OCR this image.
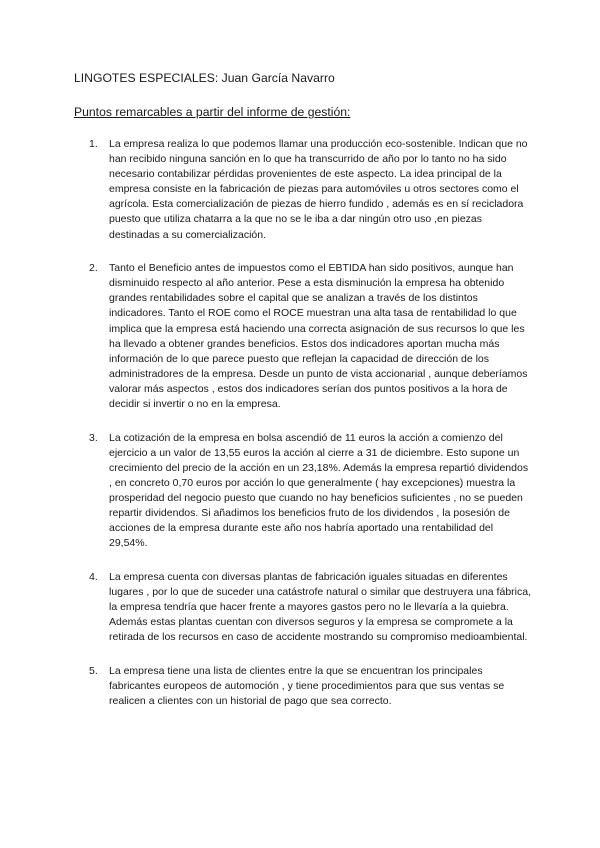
LINGOTES ESPECIALES: Juan García Navarro
Puntos remarcables a partir del informe de gestión:
1. La empresa realiza lo que podemos llamar una producción eco-sostenible. Indican que no han recibido ninguna sanción en lo que ha transcurrido de año por lo tanto no ha sido necesario contabilizar pérdidas provenientes de este aspecto. La idea principal de la empresa consiste en la fabricación de piezas para automóviles u otros sectores como el agrícola. Esta comercialización de piezas de hierro fundido , además es en sí recicladora puesto que utiliza chatarra a la que no se le iba a dar ningún otro uso ,en piezas destinadas a su comercialización.
2. Tanto el Beneficio antes de impuestos como el EBTIDA han sido positivos, aunque han disminuido respecto al año anterior. Pese a esta disminución la empresa ha obtenido grandes rentabilidades sobre el capital que se analizan a través de los distintos indicadores. Tanto el ROE como el ROCE muestran una alta tasa de rentabilidad lo que implica que la empresa está haciendo una correcta asignación de sus recursos lo que les ha llevado a obtener grandes beneficios. Estos dos indicadores aportan mucha más información de lo que parece puesto que reflejan la capacidad de dirección de los administradores de la empresa. Desde un punto de vista accionarial , aunque deberíamos valorar más aspectos , estos dos indicadores serían dos puntos positivos a la hora de decidir si invertir o no en la empresa.
3. La cotización de la empresa en bolsa ascendió de 11 euros la acción a comienzo del ejercicio a un valor de 13,55 euros la acción al cierre a 31 de diciembre. Esto supone un crecimiento del precio de la acción en un 23,18%. Además la empresa repartió dividendos , en concreto 0,70 euros por acción lo que generalmente ( hay excepciones) muestra la prosperidad del negocio puesto que cuando no hay beneficios suficientes , no se pueden repartir dividendos. Si añadimos los beneficios fruto de los dividendos , la posesión de acciones de la empresa durante este año nos habría aportado una rentabilidad del 29,54%.
4. La empresa cuenta con diversas plantas de fabricación iguales situadas en diferentes lugares , por lo que de suceder una catástrofe natural o similar que destruyera una fábrica, la empresa tendría que hacer frente a mayores gastos pero no le llevaría a la quiebra. Además estas plantas cuentan con diversos seguros y la empresa se compromete a la retirada de los recursos en caso de accidente mostrando su compromiso medioambiental.
5. La empresa tiene una lista de clientes entre la que se encuentran los principales fabricantes europeos de automoción , y tiene procedimientos para que sus ventas se realicen a clientes con un historial de pago que sea correcto.
